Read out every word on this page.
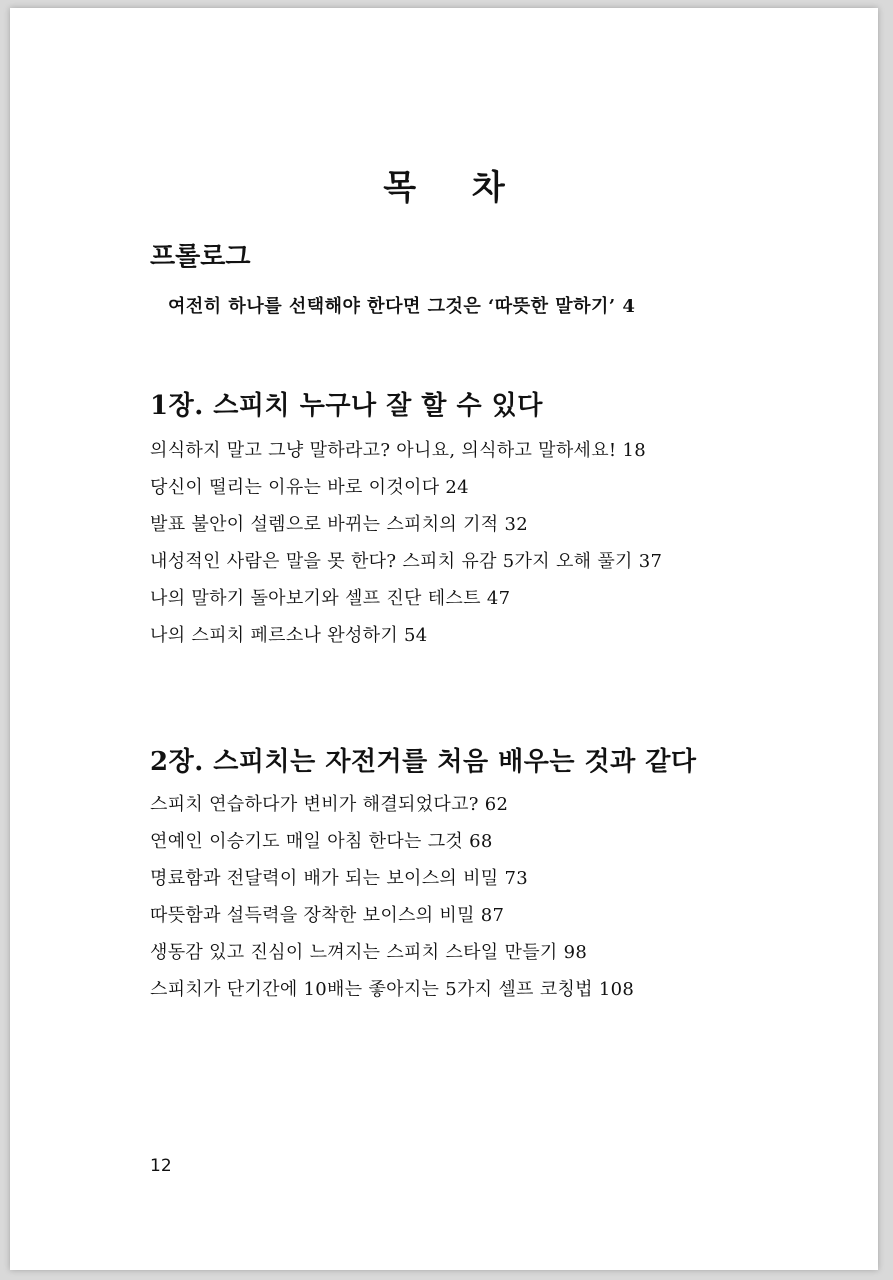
목 차
프롤로그
여전히 하나를 선택해야 한다면 그것은 ‘따뜻한 말하기’ 4
1장. 스피치 누구나 잘 할 수 있다
의식하지 말고 그냥 말하라고? 아니요, 의식하고 말하세요! 18
당신이 떨리는 이유는 바로 이것이다 24
발표 불안이 설렘으로 바뀌는 스피치의 기적 32
내성적인 사람은 말을 못 한다? 스피치 유감 5가지 오해 풀기 37
나의 말하기 돌아보기와 셀프 진단 테스트 47
나의 스피치 페르소나 완성하기 54
2장. 스피치는 자전거를 처음 배우는 것과 같다
스피치 연습하다가 변비가 해결되었다고? 62
연예인 이승기도 매일 아침 한다는 그것 68
명료함과 전달력이 배가 되는 보이스의 비밀 73
따뜻함과 설득력을 장착한 보이스의 비밀 87
생동감 있고 진심이 느껴지는 스피치 스타일 만들기 98
스피치가 단기간에 10배는 좋아지는 5가지 셀프 코칭법 108
12
